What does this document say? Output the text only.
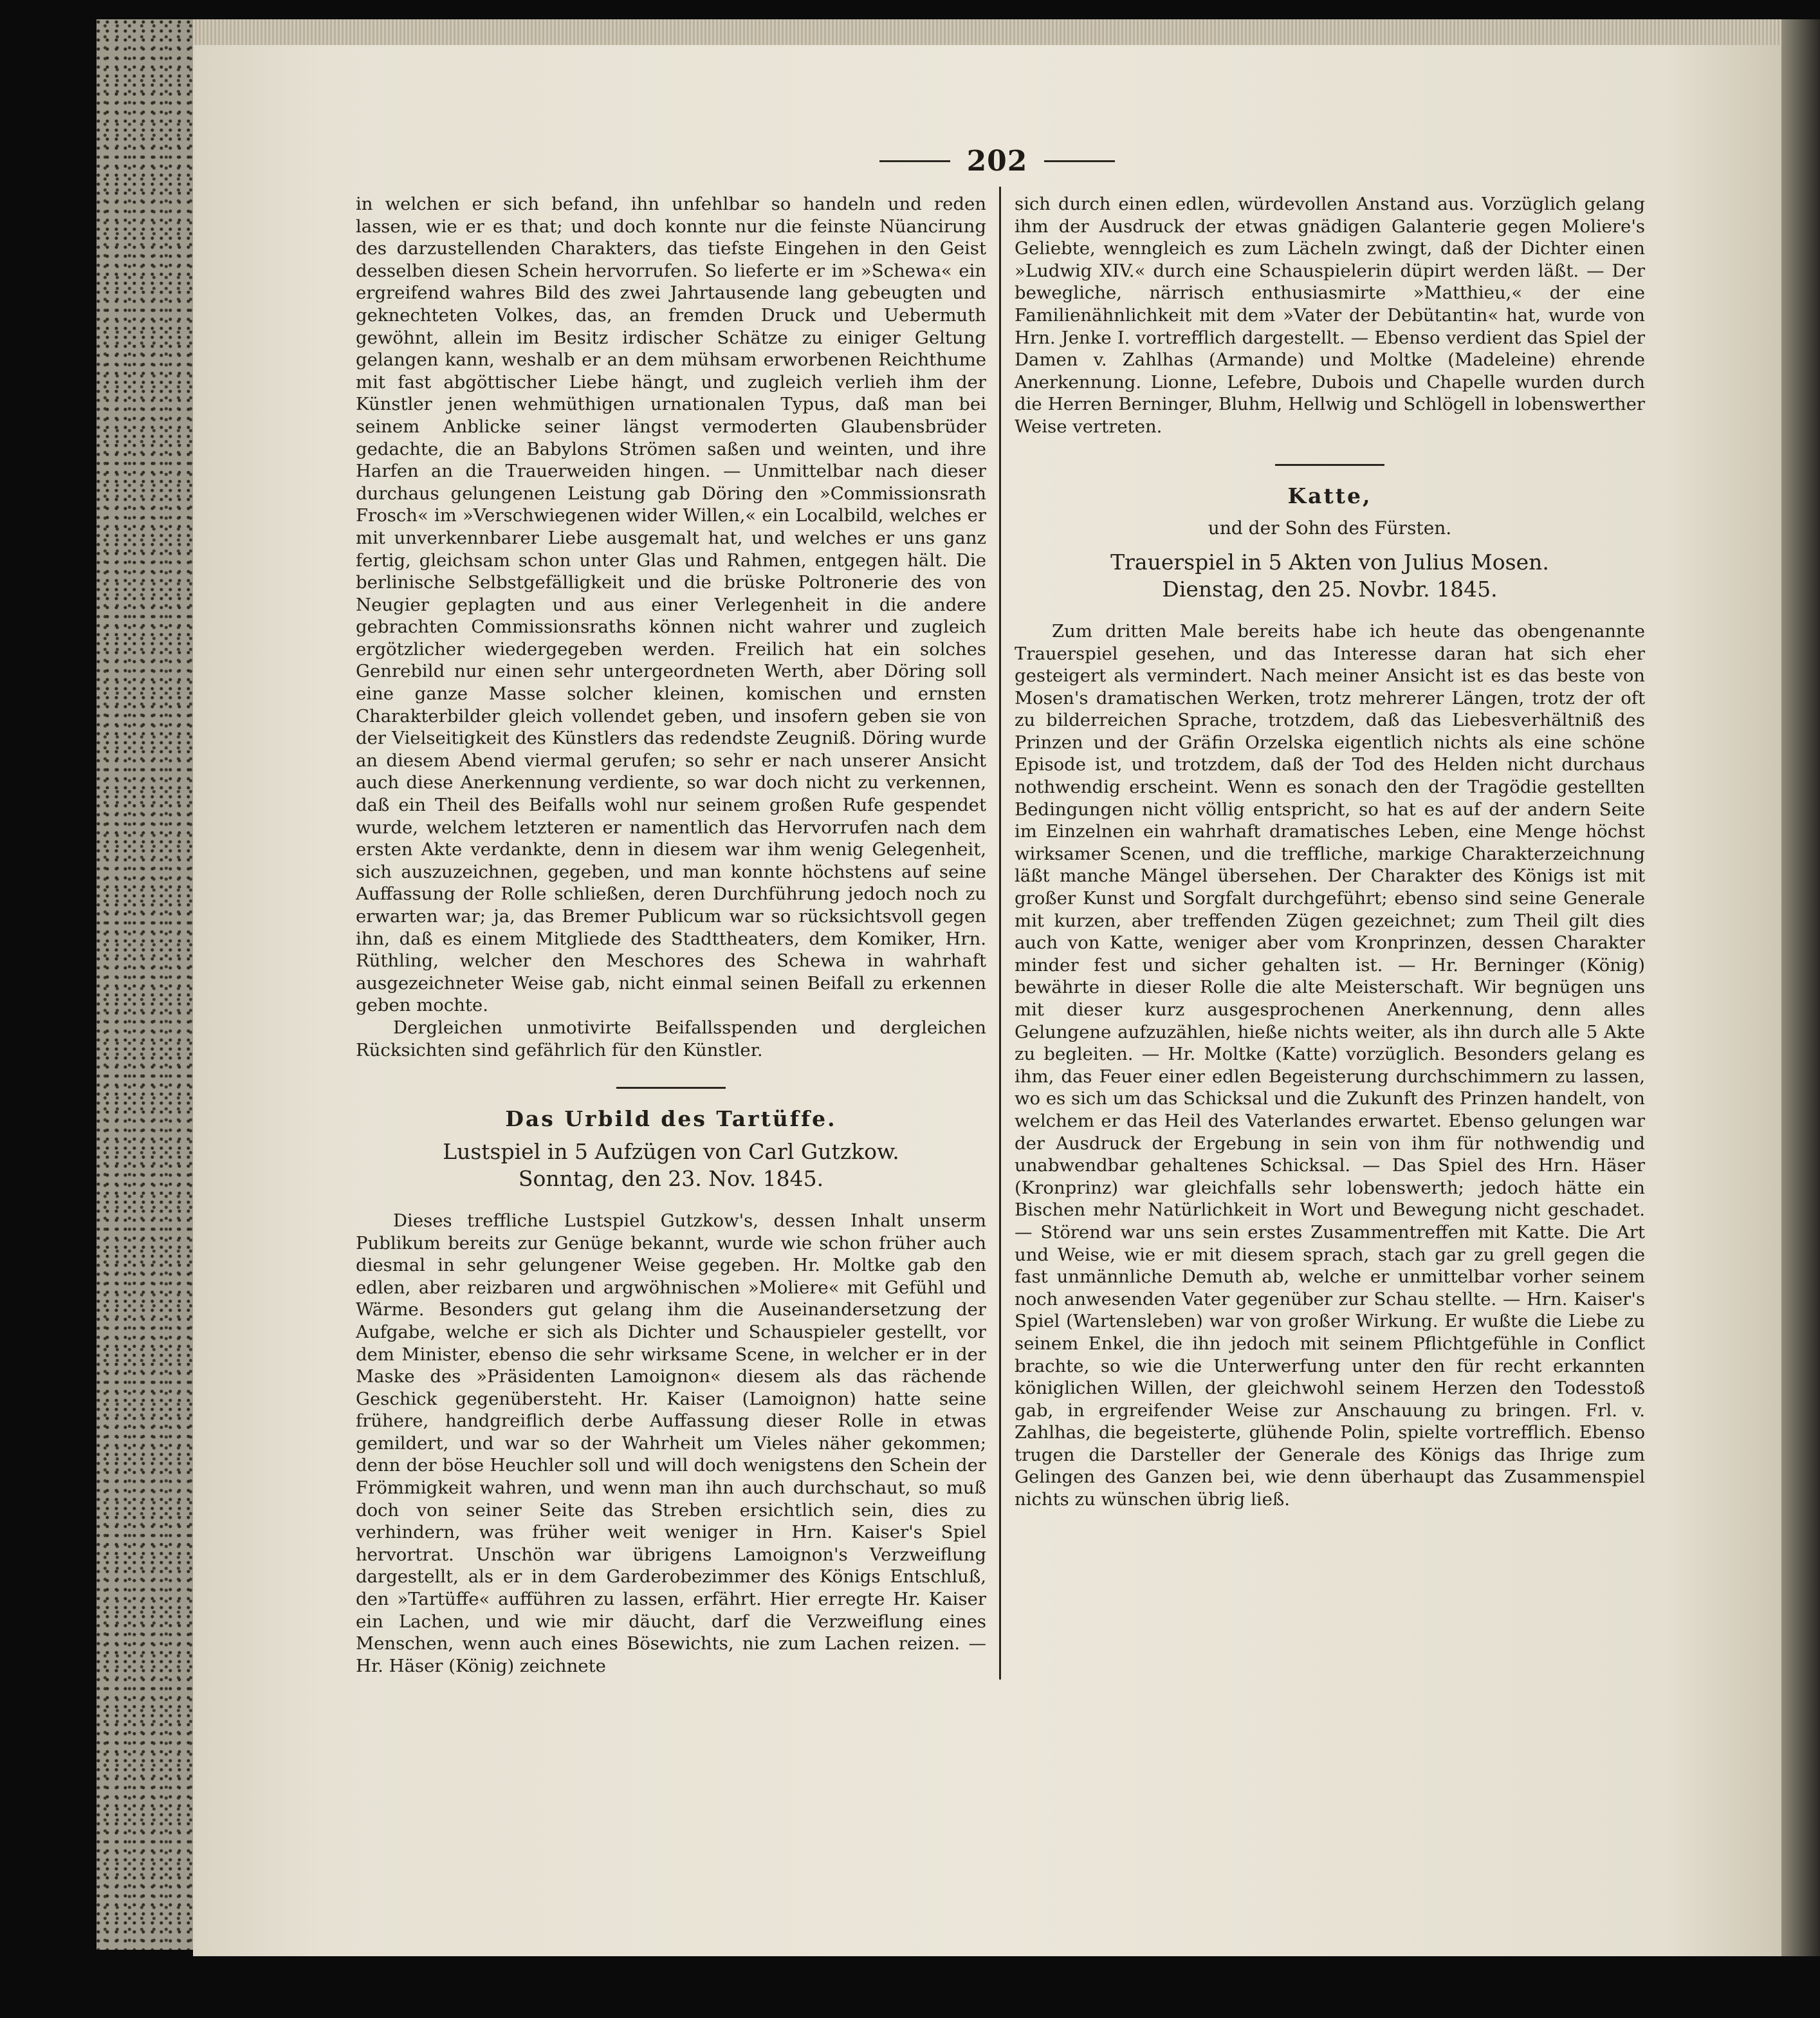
202

in welchen er sich befand, ihn unfehlbar so handeln und reden lassen, wie er es that; und doch konnte nur die feinste Nüancirung des darzustellenden Charakters, das tiefste Eingehen in den Geist desselben diesen Schein hervorrufen. So lieferte er im »Schewa« ein ergreifend wahres Bild des zwei Jahrtausende lang gebeugten und geknechteten Volkes, das, an fremden Druck und Uebermuth gewöhnt, allein im Besitz irdischer Schätze zu einiger Geltung gelangen kann, weshalb er an dem mühsam erworbenen Reichthume mit fast abgöttischer Liebe hängt, und zugleich verlieh ihm der Künstler jenen wehmüthigen urnationalen Typus, daß man bei seinem Anblicke seiner längst vermoderten Glaubensbrüder gedachte, die an Babylons Strömen saßen und weinten, und ihre Harfen an die Trauerweiden hingen. — Unmittelbar nach dieser durchaus gelungenen Leistung gab Döring den »Commissionsrath Frosch« im »Verschwiegenen wider Willen,« ein Localbild, welches er mit unverkennbarer Liebe ausgemalt hat, und welches er uns ganz fertig, gleichsam schon unter Glas und Rahmen, entgegen hält. Die berlinische Selbstgefälligkeit und die brüske Poltronerie des von Neugier geplagten und aus einer Verlegenheit in die andere gebrachten Commissionsraths können nicht wahrer und zugleich ergötzlicher wiedergegeben werden. Freilich hat ein solches Genrebild nur einen sehr untergeordneten Werth, aber Döring soll eine ganze Masse solcher kleinen, komischen und ernsten Charakterbilder gleich vollendet geben, und insofern geben sie von der Vielseitigkeit des Künstlers das redendste Zeugniß. Döring wurde an diesem Abend viermal gerufen; so sehr er nach unserer Ansicht auch diese Anerkennung verdiente, so war doch nicht zu verkennen, daß ein Theil des Beifalls wohl nur seinem großen Rufe gespendet wurde, welchem letzteren er namentlich das Hervorrufen nach dem ersten Akte verdankte, denn in diesem war ihm wenig Gelegenheit, sich auszuzeichnen, gegeben, und man konnte höchstens auf seine Auffassung der Rolle schließen, deren Durchführung jedoch noch zu erwarten war; ja, das Bremer Publicum war so rücksichtsvoll gegen ihn, daß es einem Mitgliede des Stadttheaters, dem Komiker, Hrn. Rüthling, welcher den Meschores des Schewa in wahrhaft ausgezeichneter Weise gab, nicht einmal seinen Beifall zu erkennen geben mochte.

Dergleichen unmotivirte Beifallsspenden und dergleichen Rücksichten sind gefährlich für den Künstler.

Das Urbild des Tartüffe.
Lustspiel in 5 Aufzügen von Carl Gutzkow.
Sonntag, den 23. Nov. 1845.

Dieses treffliche Lustspiel Gutzkow's, dessen Inhalt unserm Publikum bereits zur Genüge bekannt, wurde wie schon früher auch diesmal in sehr gelungener Weise gegeben. Hr. Moltke gab den edlen, aber reizbaren und argwöhnischen »Moliere« mit Gefühl und Wärme. Besonders gut gelang ihm die Auseinandersetzung der Aufgabe, welche er sich als Dichter und Schauspieler gestellt, vor dem Minister, ebenso die sehr wirksame Scene, in welcher er in der Maske des »Präsidenten Lamoignon« diesem als das rächende Geschick gegenübersteht. Hr. Kaiser (Lamoignon) hatte seine frühere, handgreiflich derbe Auffassung dieser Rolle in etwas gemildert, und war so der Wahrheit um Vieles näher gekommen; denn der böse Heuchler soll und will doch wenigstens den Schein der Frömmigkeit wahren, und wenn man ihn auch durchschaut, so muß doch von seiner Seite das Streben ersichtlich sein, dies zu verhindern, was früher weit weniger in Hrn. Kaiser's Spiel hervortrat. Unschön war übrigens Lamoignon's Verzweiflung dargestellt, als er in dem Garderobezimmer des Königs Entschluß, den »Tartüffe« aufführen zu lassen, erfährt. Hier erregte Hr. Kaiser ein Lachen, und wie mir däucht, darf die Verzweiflung eines Menschen, wenn auch eines Bösewichts, nie zum Lachen reizen. — Hr. Häser (König) zeichnete

sich durch einen edlen, würdevollen Anstand aus. Vorzüglich gelang ihm der Ausdruck der etwas gnädigen Galanterie gegen Moliere's Geliebte, wenngleich es zum Lächeln zwingt, daß der Dichter einen »Ludwig XIV.« durch eine Schauspielerin düpirt werden läßt. — Der bewegliche, närrisch enthusiasmirte »Matthieu,« der eine Familienähnlichkeit mit dem »Vater der Debütantin« hat, wurde von Hrn. Jenke I. vortrefflich dargestellt. — Ebenso verdient das Spiel der Damen v. Zahlhas (Armande) und Moltke (Madeleine) ehrende Anerkennung. Lionne, Lefebre, Dubois und Chapelle wurden durch die Herren Berninger, Bluhm, Hellwig und Schlögell in lobenswerther Weise vertreten.

Katte,
und der Sohn des Fürsten.
Trauerspiel in 5 Akten von Julius Mosen.
Dienstag, den 25. Novbr. 1845.

Zum dritten Male bereits habe ich heute das obengenannte Trauerspiel gesehen, und das Interesse daran hat sich eher gesteigert als vermindert. Nach meiner Ansicht ist es das beste von Mosen's dramatischen Werken, trotz mehrerer Längen, trotz der oft zu bilderreichen Sprache, trotzdem, daß das Liebesverhältniß des Prinzen und der Gräfin Orzelska eigentlich nichts als eine schöne Episode ist, und trotzdem, daß der Tod des Helden nicht durchaus nothwendig erscheint. Wenn es sonach den der Tragödie gestellten Bedingungen nicht völlig entspricht, so hat es auf der andern Seite im Einzelnen ein wahrhaft dramatisches Leben, eine Menge höchst wirksamer Scenen, und die treffliche, markige Charakterzeichnung läßt manche Mängel übersehen. Der Charakter des Königs ist mit großer Kunst und Sorgfalt durchgeführt; ebenso sind seine Generale mit kurzen, aber treffenden Zügen gezeichnet; zum Theil gilt dies auch von Katte, weniger aber vom Kronprinzen, dessen Charakter minder fest und sicher gehalten ist. — Hr. Berninger (König) bewährte in dieser Rolle die alte Meisterschaft. Wir begnügen uns mit dieser kurz ausgesprochenen Anerkennung, denn alles Gelungene aufzuzählen, hieße nichts weiter, als ihn durch alle 5 Akte zu begleiten. — Hr. Moltke (Katte) vorzüglich. Besonders gelang es ihm, das Feuer einer edlen Begeisterung durchschimmern zu lassen, wo es sich um das Schicksal und die Zukunft des Prinzen handelt, von welchem er das Heil des Vaterlandes erwartet. Ebenso gelungen war der Ausdruck der Ergebung in sein von ihm für nothwendig und unabwendbar gehaltenes Schicksal. — Das Spiel des Hrn. Häser (Kronprinz) war gleichfalls sehr lobenswerth; jedoch hätte ein Bischen mehr Natürlichkeit in Wort und Bewegung nicht geschadet. — Störend war uns sein erstes Zusammentreffen mit Katte. Die Art und Weise, wie er mit diesem sprach, stach gar zu grell gegen die fast unmännliche Demuth ab, welche er unmittelbar vorher seinem noch anwesenden Vater gegenüber zur Schau stellte. — Hrn. Kaiser's Spiel (Wartensleben) war von großer Wirkung. Er wußte die Liebe zu seinem Enkel, die ihn jedoch mit seinem Pflichtgefühle in Conflict brachte, so wie die Unterwerfung unter den für recht erkannten königlichen Willen, der gleichwohl seinem Herzen den Todesstoß gab, in ergreifender Weise zur Anschauung zu bringen. Frl. v. Zahlhas, die begeisterte, glühende Polin, spielte vortrefflich. Ebenso trugen die Darsteller der Generale des Königs das Ihrige zum Gelingen des Ganzen bei, wie denn überhaupt das Zusammenspiel nichts zu wünschen übrig ließ.
